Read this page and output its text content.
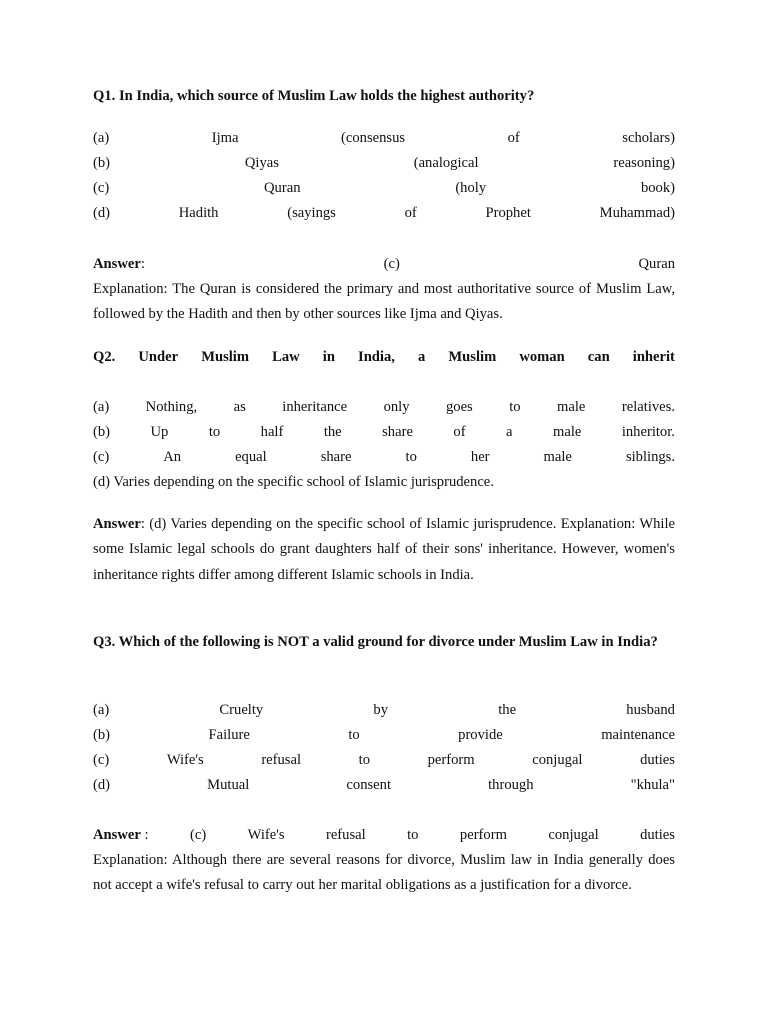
Q1. In India, which source of Muslim Law holds the highest authority?
(a)	Ijma	(consensus	of	scholars)
(b)	Qiyas	(analogical	reasoning)
(c)	Quran	(holy	book)
(d)	Hadith	(sayings	of	Prophet	Muhammad)
Answer:	(c)	Quran
Explanation: The Quran is considered the primary and most authoritative source of Muslim Law, followed by the Hadith and then by other sources like Ijma and Qiyas.
Q2. Under Muslim Law in India, a Muslim woman can inherit
(a) Nothing, as inheritance only goes to male relatives.
(b)	Up	to	half	the	share	of	a	male	inheritor.
(c)	An	equal	share	to	her	male	siblings.
(d) Varies depending on the specific school of Islamic jurisprudence.
Answer: (d) Varies depending on the specific school of Islamic jurisprudence. Explanation: While some Islamic legal schools do grant daughters half of their sons' inheritance. However, women's inheritance rights differ among different Islamic schools in India.
Q3. Which of the following is NOT a valid ground for divorce under Muslim Law in India?
(a)	Cruelty	by	the	husband
(b)	Failure	to	provide	maintenance
(c)	Wife's	refusal	to	perform	conjugal	duties
(d)	Mutual	consent	through	"khula"
Answer :	(c)	Wife's	refusal	to	perform	conjugal	duties
Explanation: Although there are several reasons for divorce, Muslim law in India generally does not accept a wife's refusal to carry out her marital obligations as a justification for a divorce.
